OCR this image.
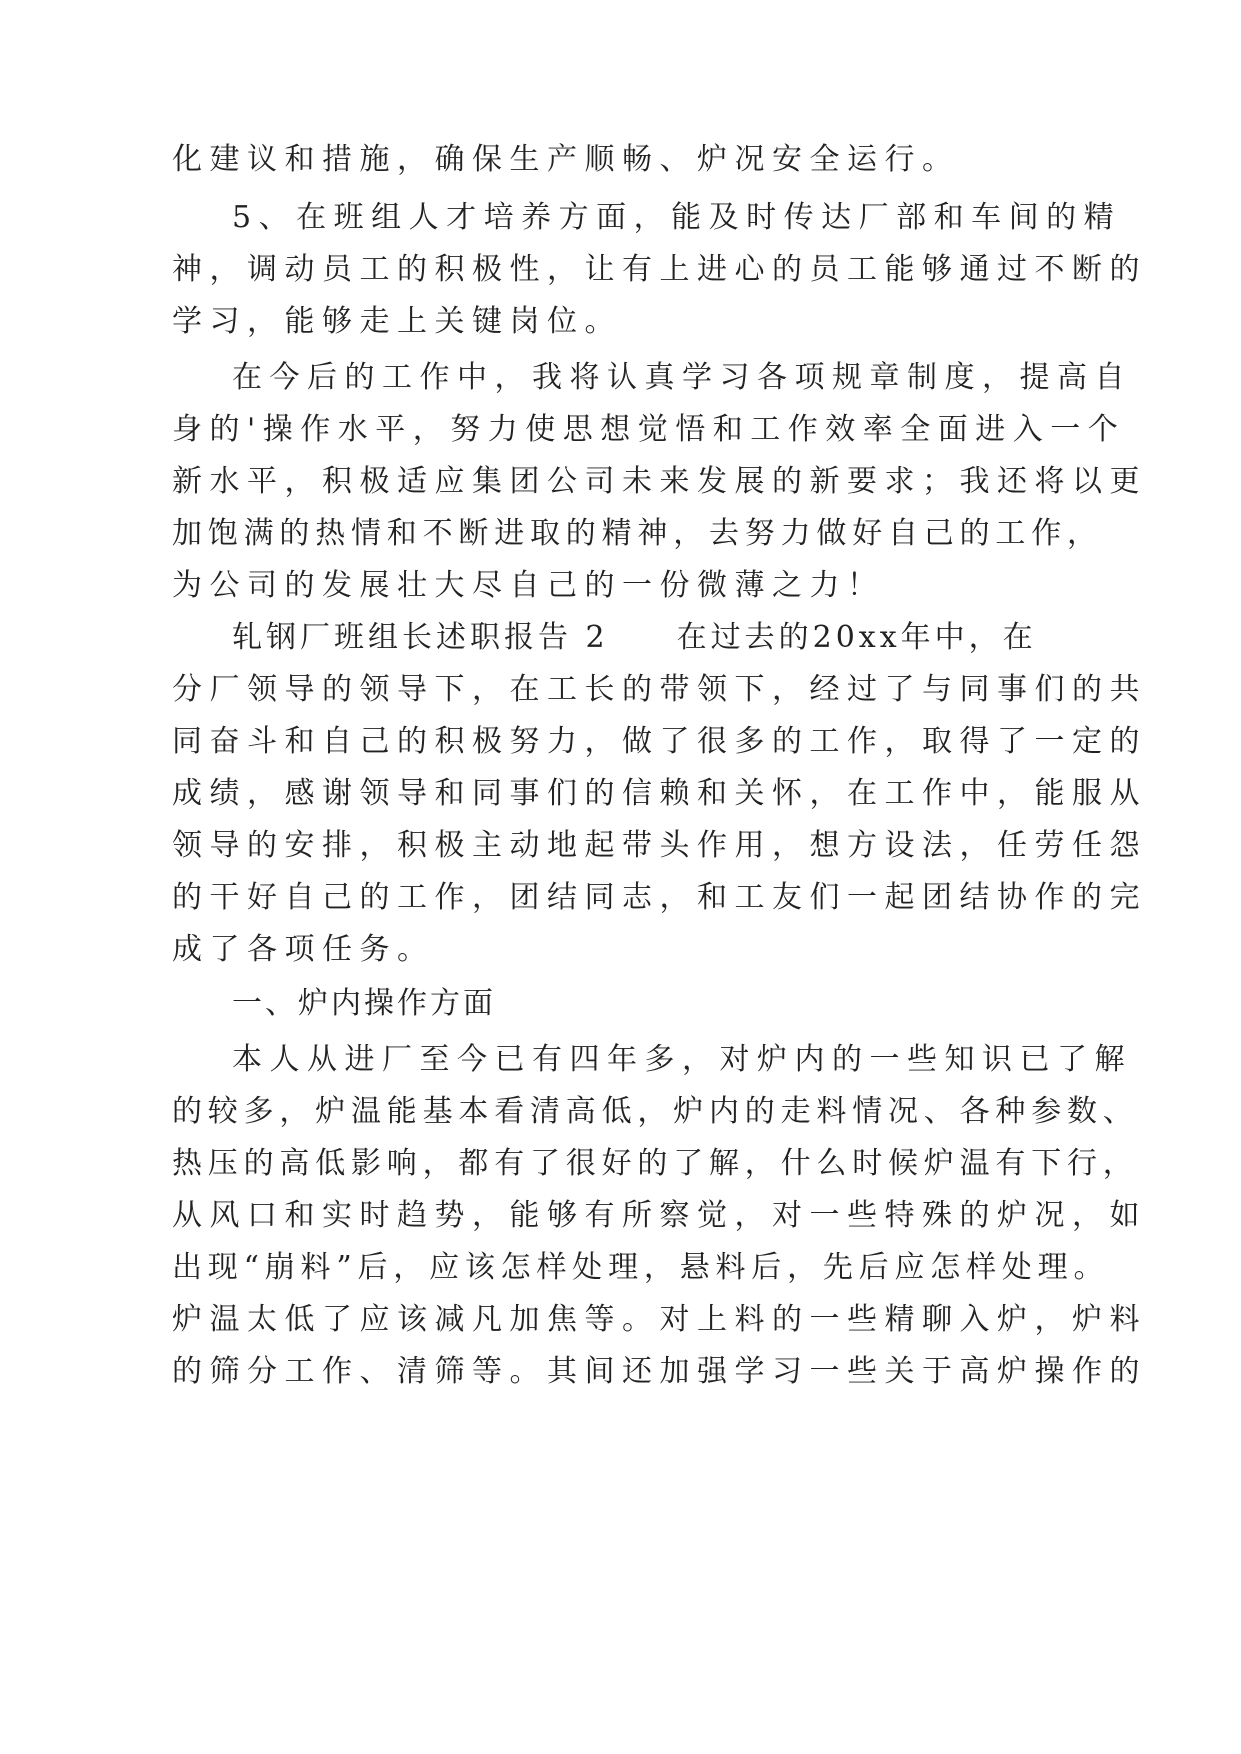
化建议和措施，确保生产顺畅、炉况安全运行。
5、在班组人才培养方面，能及时传达厂部和车间的精
神，调动员工的积极性，让有上进心的员工能够通过不断的
学习，能够走上关键岗位。
在今后的工作中，我将认真学习各项规章制度，提高自
身的'操作水平，努力使思想觉悟和工作效率全面进入一个
新水平，积极适应集团公司未来发展的新要求；我还将以更
加饱满的热情和不断进取的精神，去努力做好自己的工作，
为公司的发展壮大尽自己的一份微薄之力！
轧钢厂班组长述职报告 2　　在过去的20xx年中，在
分厂领导的领导下，在工长的带领下，经过了与同事们的共
同奋斗和自己的积极努力，做了很多的工作，取得了一定的
成绩，感谢领导和同事们的信赖和关怀，在工作中，能服从
领导的安排，积极主动地起带头作用，想方设法，任劳任怨
的干好自己的工作，团结同志，和工友们一起团结协作的完
成了各项任务。
一、炉内操作方面
本人从进厂至今已有四年多，对炉内的一些知识已了解
的较多，炉温能基本看清高低，炉内的走料情况、各种参数、
热压的高低影响，都有了很好的了解，什么时候炉温有下行，
从风口和实时趋势，能够有所察觉，对一些特殊的炉况，如
出现“崩料”后，应该怎样处理，悬料后，先后应怎样处理。
炉温太低了应该减凡加焦等。对上料的一些精聊入炉，炉料
的筛分工作、清筛等。其间还加强学习一些关于高炉操作的
